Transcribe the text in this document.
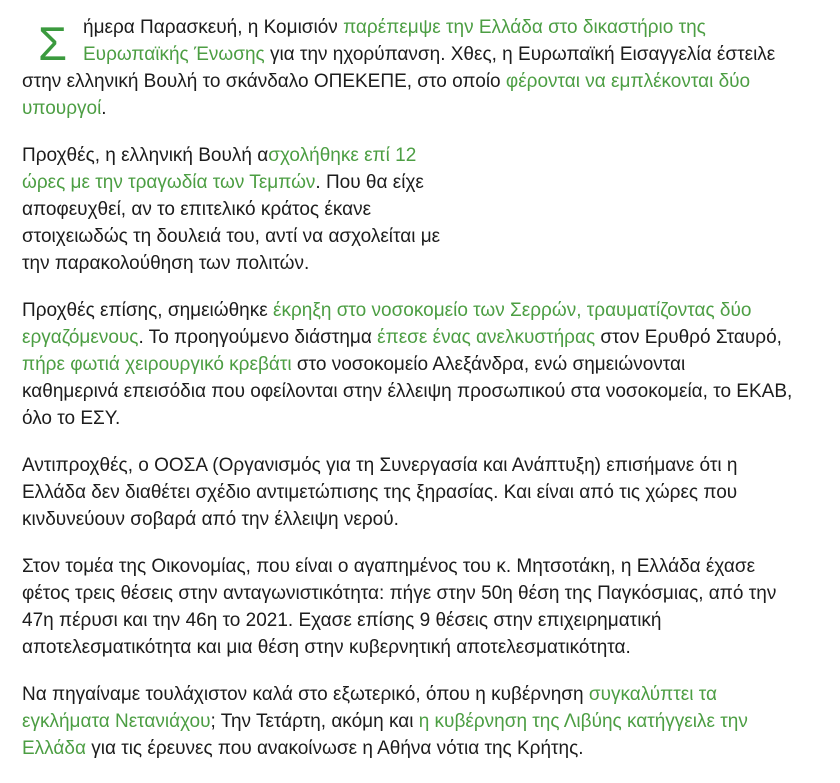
Σ ήμερα Παρασκευή, η Κομισιόν παρέπεμψε την Ελλάδα στο δικαστήριο της
Ευρωπαϊκής Ένωσης για την ηχορύπανση. Χθες, η Ευρωπαϊκή Εισαγγελία έστειλε
στην ελληνική Βουλή το σκάνδαλο ΟΠΕΚΕΠΕ, στο οποίο φέρονται να εμπλέκονται δύο
υπουργοί.
Προχθές, η ελληνική Βουλή ασχολήθηκε επί 12
ώρες με την τραγωδία των Τεμπών. Που θα είχε
αποφευχθεί, αν το επιτελικό κράτος έκανε
στοιχειωδώς τη δουλειά του, αντί να ασχολείται με
την παρακολούθηση των πολιτών.
Προχθές επίσης, σημειώθηκε έκρηξη στο νοσοκομείο των Σερρών, τραυματίζοντας δύο
εργαζόμενους. Το προηγούμενο διάστημα έπεσε ένας ανελκυστήρας στον Ερυθρό Σταυρό,
πήρε φωτιά χειρουργικό κρεβάτι στο νοσοκομείο Αλεξάνδρα, ενώ σημειώνονται
καθημερινά επεισόδια που οφείλονται στην έλλειψη προσωπικού στα νοσοκομεία, το ΕΚΑΒ,
όλο το ΕΣΥ.
Αντιπροχθές, ο ΟΟΣΑ (Οργανισμός για τη Συνεργασία και Ανάπτυξη) επισήμανε ότι η
Ελλάδα δεν διαθέτει σχέδιο αντιμετώπισης της ξηρασίας. Και είναι από τις χώρες που
κινδυνεύουν σοβαρά από την έλλειψη νερού.
Στον τομέα της Οικονομίας, που είναι ο αγαπημένος του κ. Μητσοτάκη, η Ελλάδα έχασε
φέτος τρεις θέσεις στην ανταγωνιστικότητα: πήγε στην 50η θέση της Παγκόσμιας, από την
47η πέρυσι και την 46η το 2021. Εχασε επίσης 9 θέσεις στην επιχειρηματική
αποτελεσματικότητα και μια θέση στην κυβερνητική αποτελεσματικότητα.
Να πηγαίναμε τουλάχιστον καλά στο εξωτερικό, όπου η κυβέρνηση συγκαλύπτει τα
εγκλήματα Νετανιάχου; Την Τετάρτη, ακόμη και η κυβέρνηση της Λιβύης κατήγγειλε την
Ελλάδα για τις έρευνες που ανακοίνωσε η Αθήνα νότια της Κρήτης.
